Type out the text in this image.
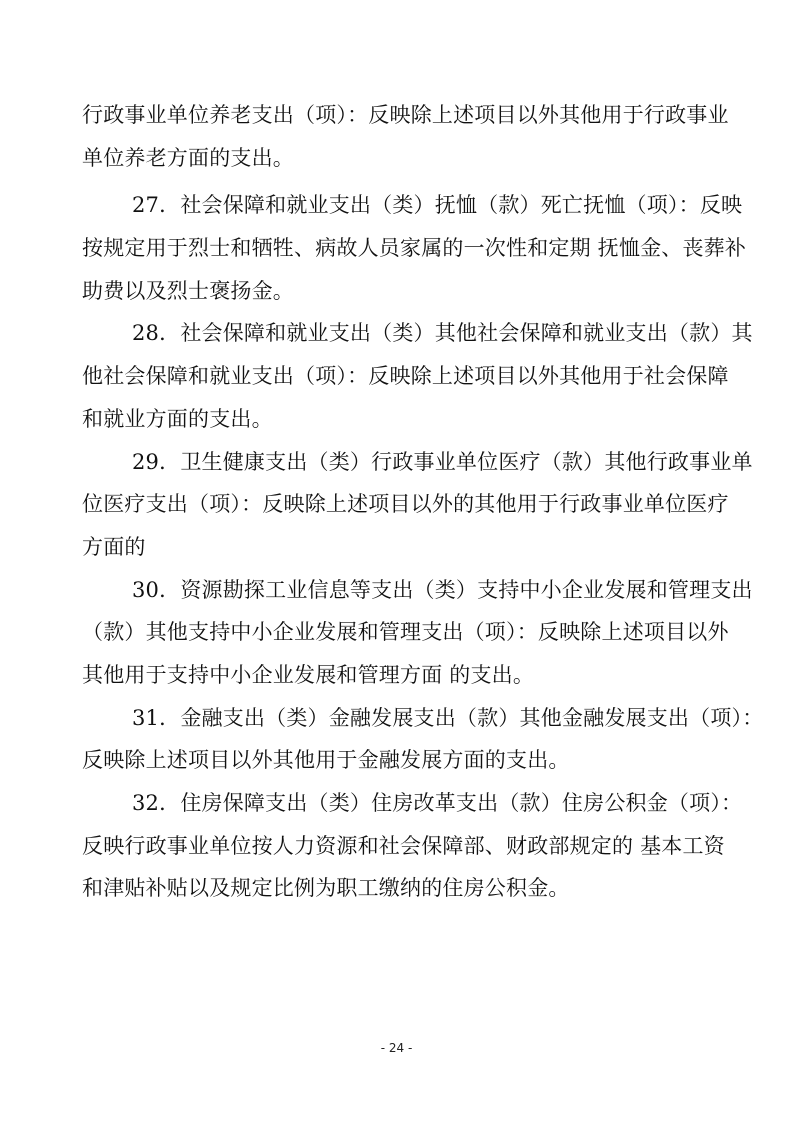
行政事业单位养老支出（项）：反映除上述项目以外其他用于行政事业
单位养老方面的支出。
27．社会保障和就业支出（类）抚恤（款）死亡抚恤（项）：反映
按规定用于烈士和牺牲、病故人员家属的一次性和定期 抚恤金、丧葬补
助费以及烈士褒扬金。
28．社会保障和就业支出（类）其他社会保障和就业支出（款）其
他社会保障和就业支出（项）：反映除上述项目以外其他用于社会保障
和就业方面的支出。
29．卫生健康支出（类）行政事业单位医疗（款）其他行政事业单
位医疗支出（项）：反映除上述项目以外的其他用于行政事业单位医疗
方面的
30．资源勘探工业信息等支出（类）支持中小企业发展和管理支出
（款）其他支持中小企业发展和管理支出（项）：反映除上述项目以外
其他用于支持中小企业发展和管理方面 的支出。
31．金融支出（类）金融发展支出（款）其他金融发展支出（项）：
反映除上述项目以外其他用于金融发展方面的支出。
32．住房保障支出（类）住房改革支出（款）住房公积金（项）：
反映行政事业单位按人力资源和社会保障部、财政部规定的 基本工资
和津贴补贴以及规定比例为职工缴纳的住房公积金。
- 24 -
